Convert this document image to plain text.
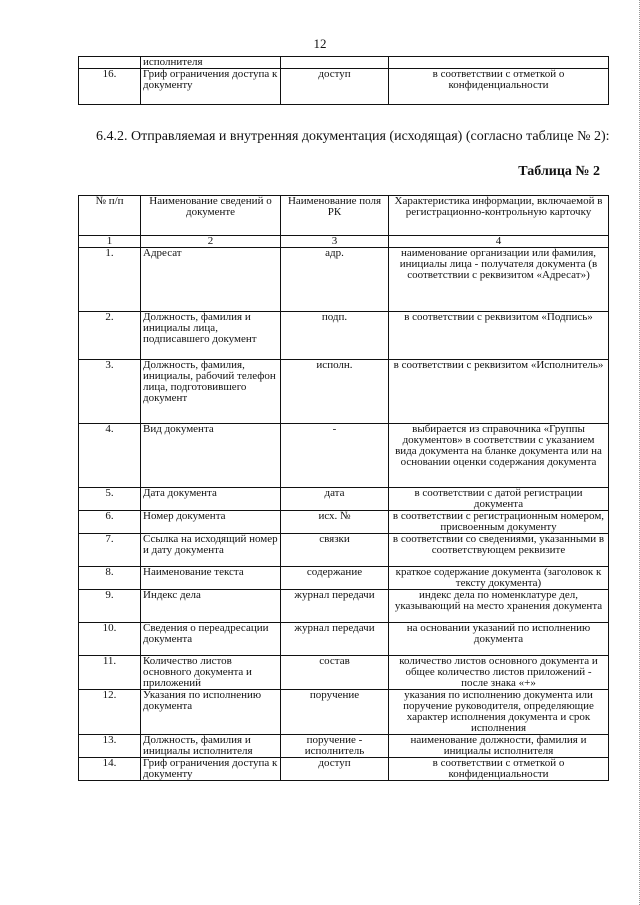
12
	исполнителя		
16.	Гриф ограничения доступа к документу	доступ	в соответствии с отметкой о конфиденциальности
6.4.2. Отправляемая и внутренняя документация (исходящая) (согласно таблице № 2):
Таблица № 2
№ п/п	Наименование сведений о документе	Наименование поля РК	Характеристика информации, включаемой в регистрационно-контрольную карточку
1	2	3	4
1.	Адресат	адр.	наименование организации или фамилия, инициалы лица - получателя документа (в соответствии с реквизитом «Адресат»)
2.	Должность, фамилия и инициалы лица, подписавшего документ	подп.	в соответствии с реквизитом «Подпись»
3.	Должность, фамилия, инициалы, рабочий телефон лица, подготовившего документ	исполн.	в соответствии с реквизитом «Исполнитель»
4.	Вид документа	-	выбирается из справочника «Группы документов» в соответствии с указанием вида документа на бланке документа или на основании оценки содержания документа
5.	Дата документа	дата	в соответствии с датой регистрации документа
6.	Номер документа	исх. №	в соответствии с регистрационным номером, присвоенным документу
7.	Ссылка на исходящий номер и дату документа	связки	в соответствии со сведениями, указанными в соответствующем реквизите
8.	Наименование текста	содержание	краткое содержание документа (заголовок к тексту документа)
9.	Индекс дела	журнал передачи	индекс дела по номенклатуре дел, указывающий на место хранения документа
10.	Сведения о переадресации документа	журнал передачи	на основании указаний по исполнению документа
11.	Количество листов основного документа и приложений	состав	количество листов основного документа и общее количество листов приложений - после знака «+»
12.	Указания по исполнению документа	поручение	указания по исполнению документа или поручение руководителя, определяющие характер исполнения документа и срок исполнения
13.	Должность, фамилия и инициалы исполнителя	поручение - исполнитель	наименование должности, фамилия и инициалы исполнителя
14.	Гриф ограничения доступа к документу	доступ	в соответствии с отметкой о конфиденциальности
